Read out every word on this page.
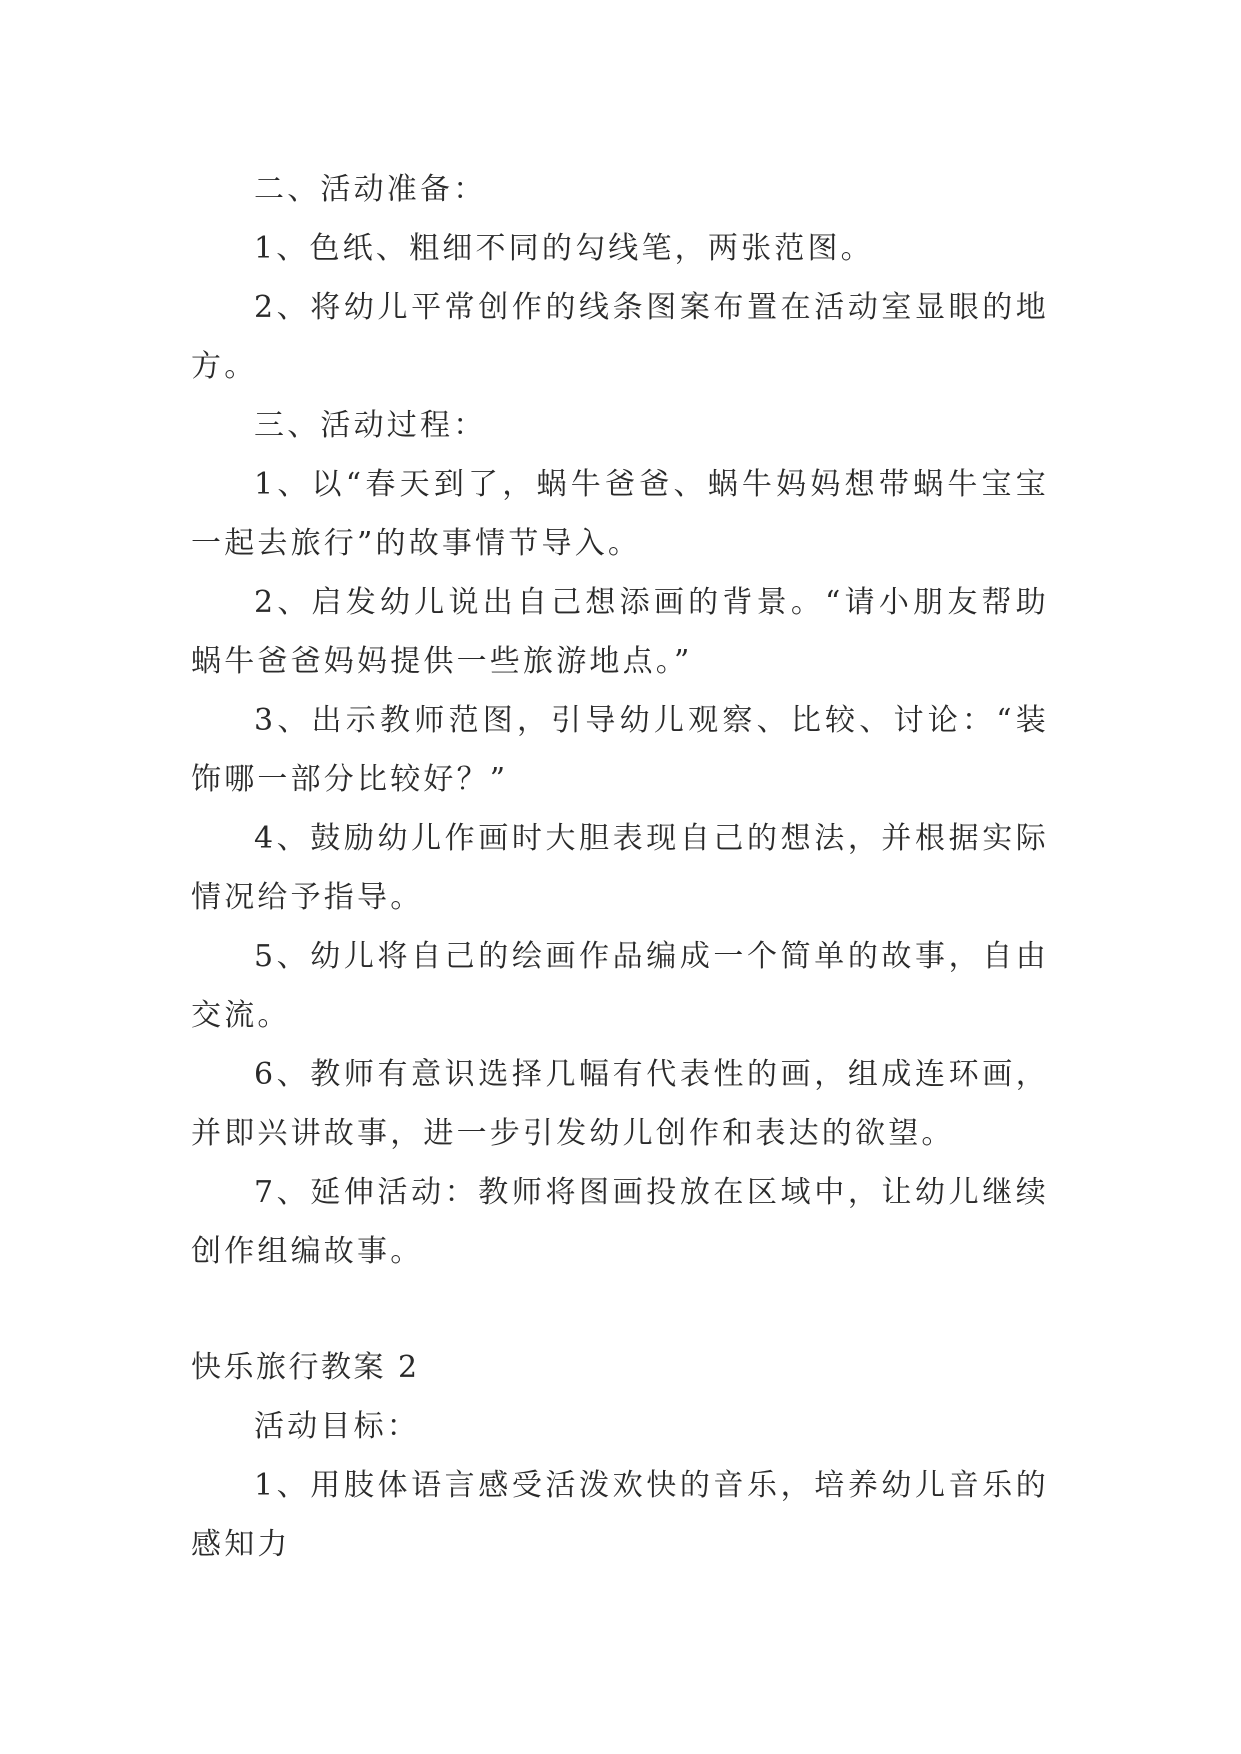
二、活动准备：

1、色纸、粗细不同的勾线笔，两张范图。

2、将幼儿平常创作的线条图案布置在活动室显眼的地方。

三、活动过程：

1、以“春天到了，蜗牛爸爸、蜗牛妈妈想带蜗牛宝宝一起去旅行”的故事情节导入。

2、启发幼儿说出自己想添画的背景。“请小朋友帮助蜗牛爸爸妈妈提供一些旅游地点。”

3、出示教师范图，引导幼儿观察、比较、讨论：“装饰哪一部分比较好？”

4、鼓励幼儿作画时大胆表现自己的想法，并根据实际情况给予指导。

5、幼儿将自己的绘画作品编成一个简单的故事，自由交流。

6、教师有意识选择几幅有代表性的画，组成连环画，并即兴讲故事，进一步引发幼儿创作和表达的欲望。

7、延伸活动：教师将图画投放在区域中，让幼儿继续创作组编故事。

快乐旅行教案 2

活动目标：

1、用肢体语言感受活泼欢快的音乐，培养幼儿音乐的感知力
